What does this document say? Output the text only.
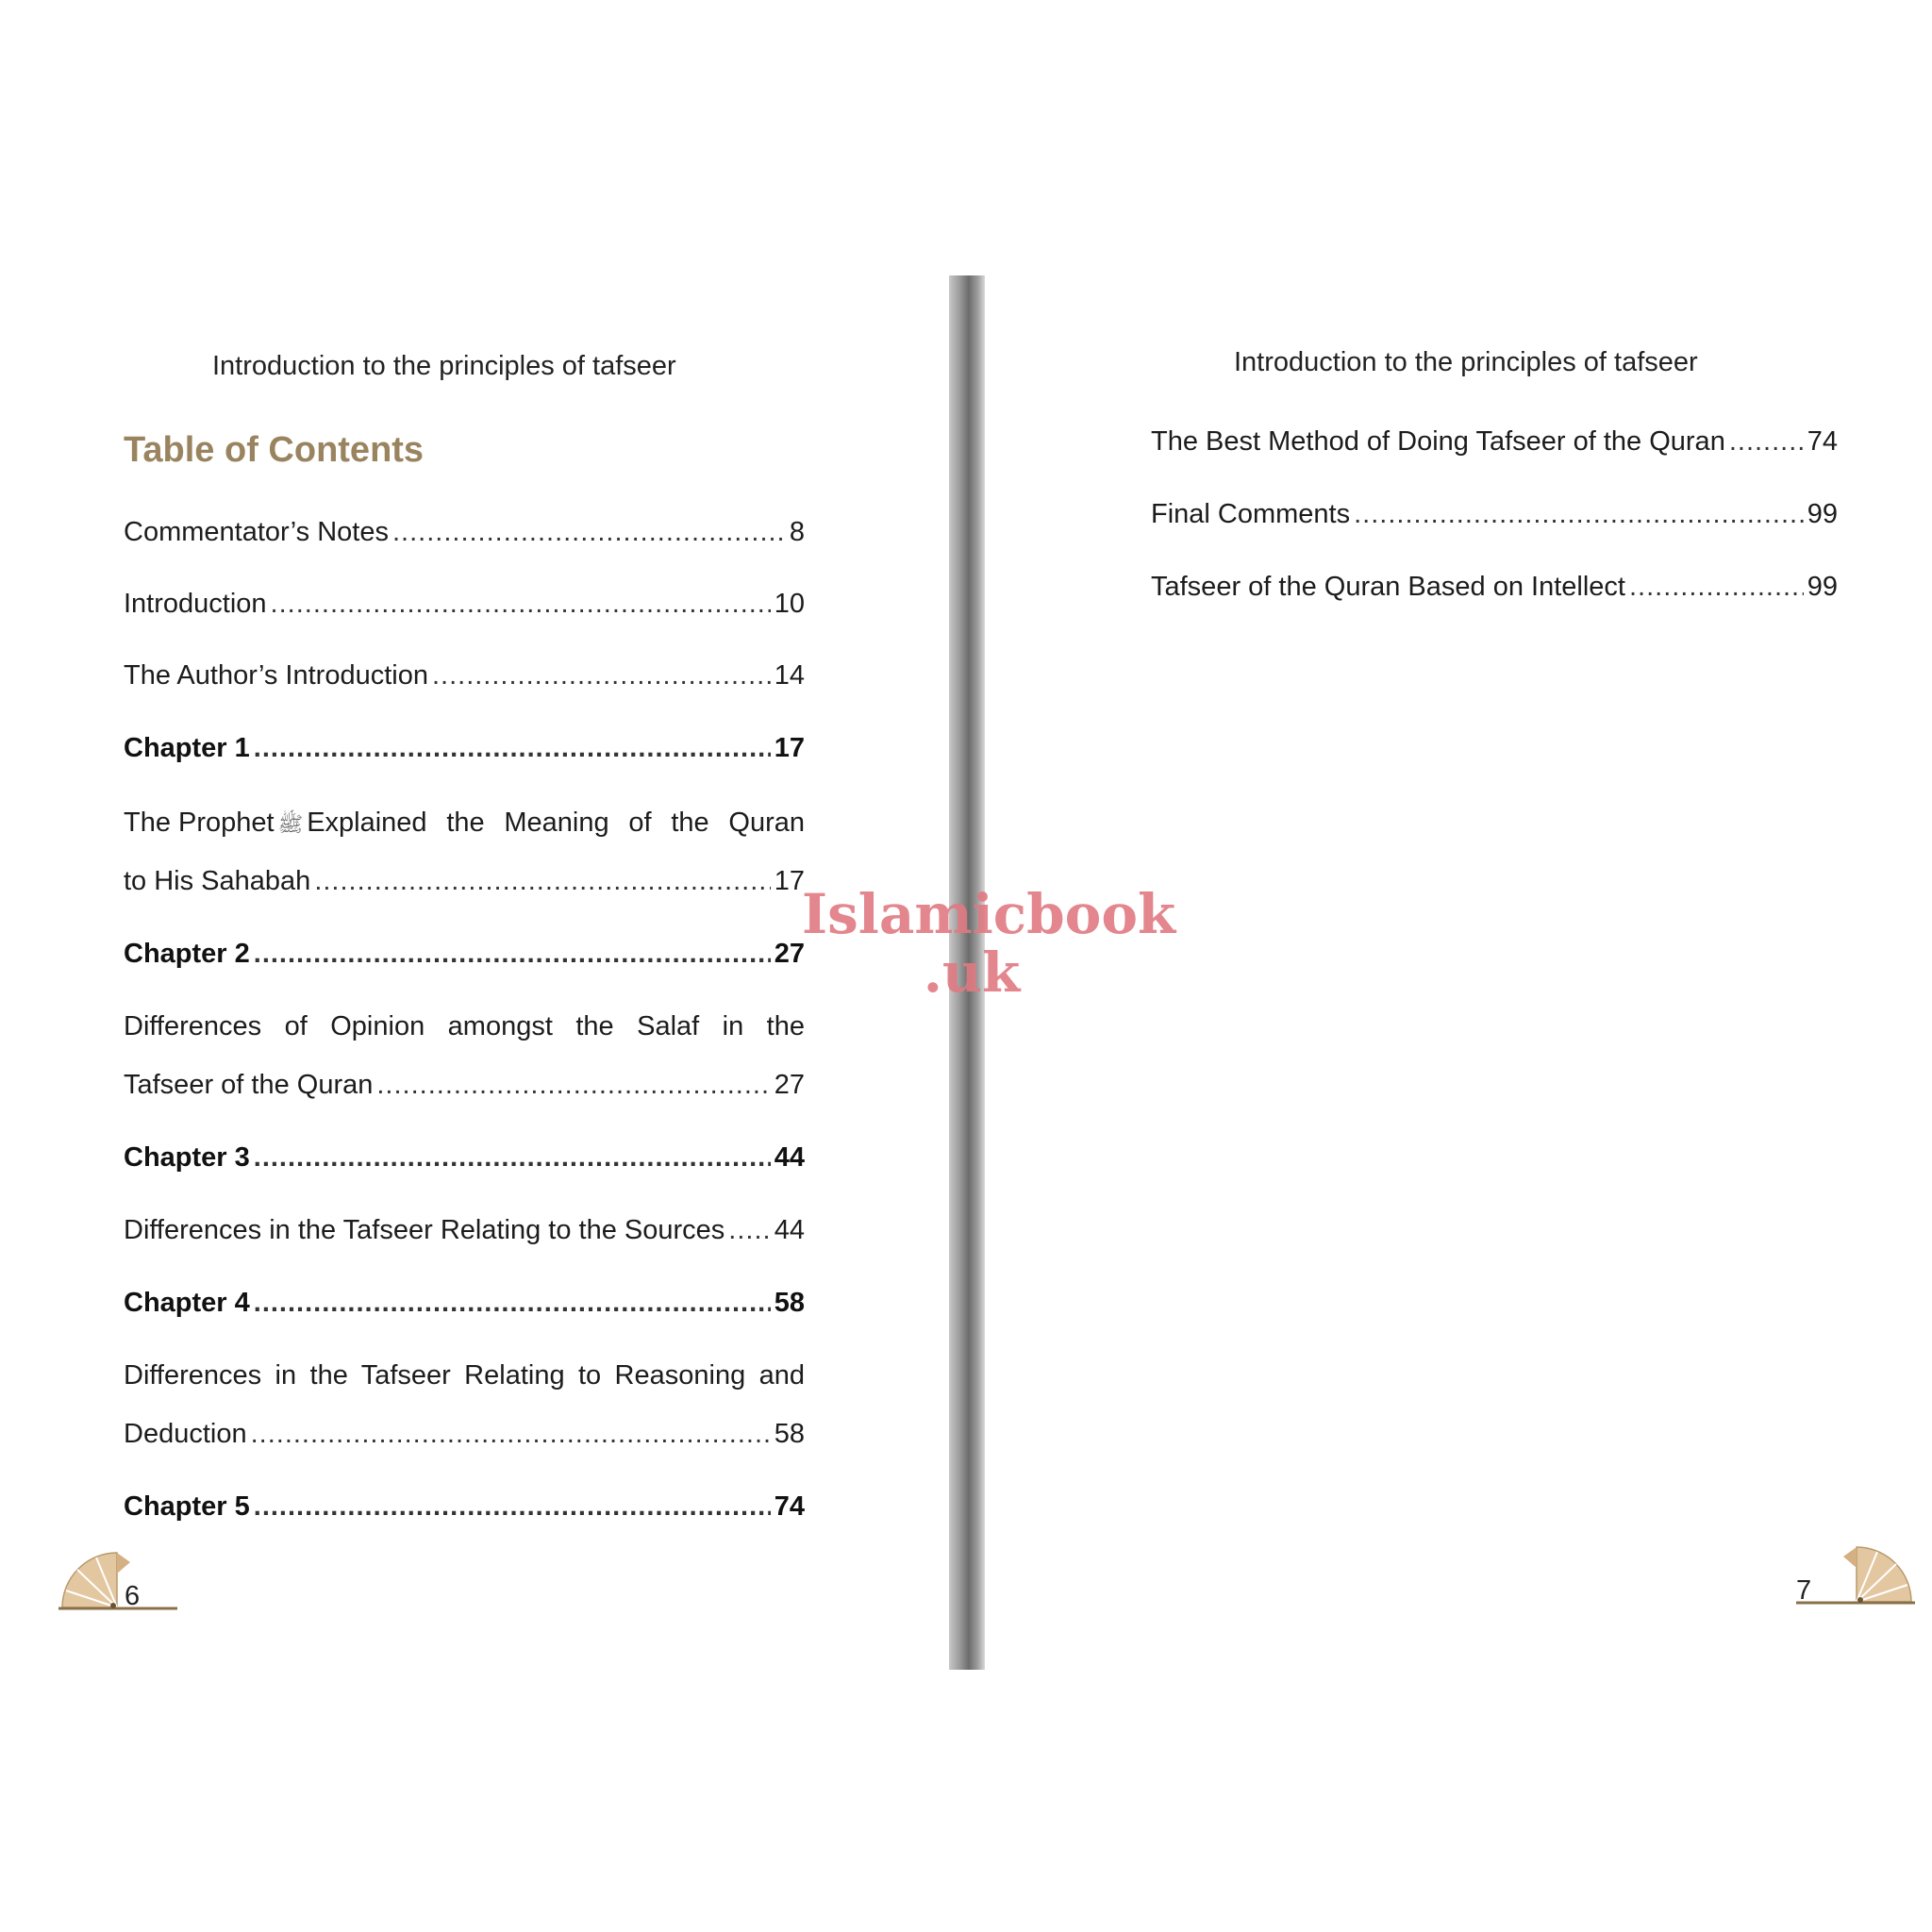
Introduction to the principles of tafseer
Table of Contents
Commentator’s Notes .....	8
Introduction .....	10
The Author’s Introduction .....	14
Chapter 1 .....	17
The Prophet ﷺ Explained the Meaning of the Quran
to His Sahabah .....	17
Chapter 2 .....	27
Differences of Opinion amongst the Salaf in the
Tafseer of the Quran .....	27
Chapter 3 .....	44
Differences in the Tafseer Relating to the Sources ..... 44
Chapter 4 .....	58
Differences in the Tafseer Relating to Reasoning and
Deduction .....	58
Chapter 5 .....	74
6
Islamicbook
.uk
Introduction to the principles of tafseer
The Best Method of Doing Tafseer of the Quran .....	74
Final Comments .....	99
Tafseer of the Quran Based on Intellect .....	99
7
